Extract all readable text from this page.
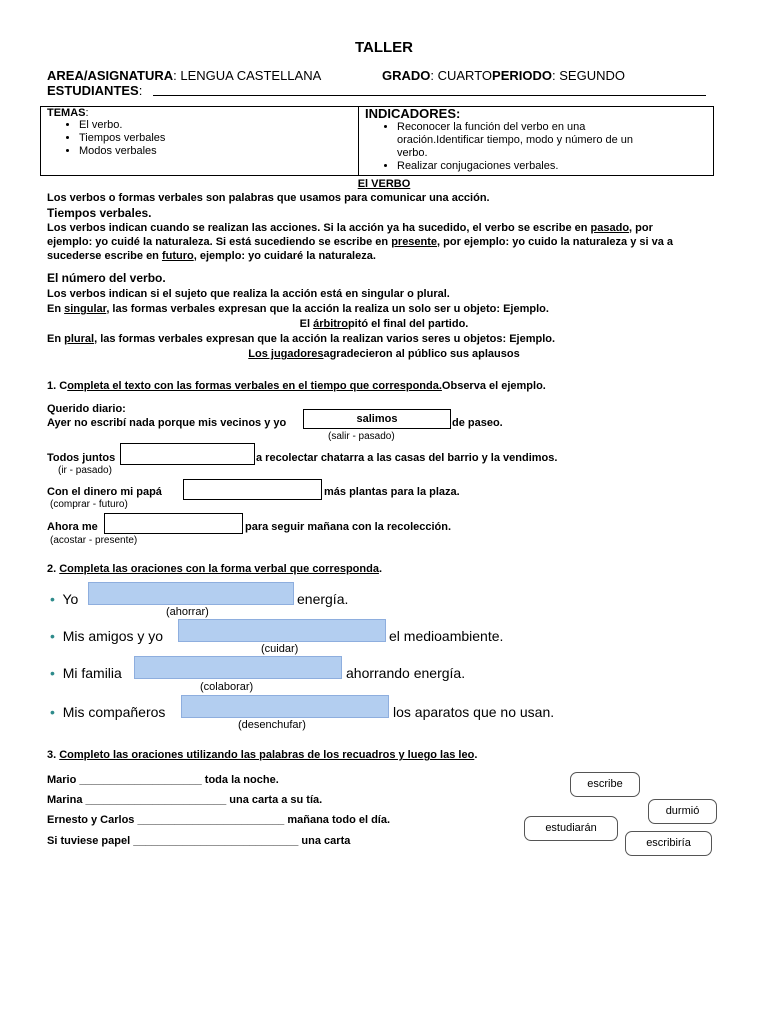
TALLER
AREA/ASIGNATURA: LENGUA CASTELLANA	GRADO: CUARTOPERIODO: SEGUNDO
ESTUDIANTES:
TEMAS:
• El verbo.
• Tiempos verbales
• Modos verbales

INDICADORES:
• Reconocer la función del verbo en una
oración.Identificar tiempo, modo y número de un
verbo.
• Realizar conjugaciones verbales.
El VERBO
Los verbos o formas verbales son palabras que usamos para comunicar una acción.
Tiempos verbales.
Los verbos indican cuando se realizan las acciones. Si la acción ya ha sucedido, el verbo se escribe en pasado, por
ejemplo: yo cuidé la naturaleza. Si está sucediendo se escribe en presente, por ejemplo: yo cuido la naturaleza y si va a
sucederse escribe en futuro, ejemplo: yo cuidaré la naturaleza.
El número del verbo.
Los verbos indican si el sujeto que realiza la acción está en singular o plural.
En singular, las formas verbales expresan que la acción la realiza un solo ser u objeto: Ejemplo.
El árbitropitó el final del partido.
En plural, las formas verbales expresan que la acción la realizan varios seres u objetos: Ejemplo.
Los jugadoresagradecieron al público sus aplausos
1. Completa el texto con las formas verbales en el tiempo que corresponda.Observa el ejemplo.
Querido diario:
Ayer no escribí nada porque mis vecinos y yo	salimos	de paseo.
(salir - pasado)
Todos juntos	a recolectar chatarra a las casas del barrio y la vendimos.
(ir - pasado)
Con el dinero mi papá	más plantas para la plaza.
(comprar - futuro)
Ahora me	para seguir mañana con la recolección.
(acostar - presente)
2. Completa las oraciones con la forma verbal que corresponda.
• Yo	energía.
(ahorrar)
• Mis amigos y yo	el medioambiente.
(cuidar)
• Mi familia	ahorrando energía.
(colaborar)
• Mis compañeros	los aparatos que no usan.
(desenchufar)
3. Completo las oraciones utilizando las palabras de los recuadros y luego las leo.
Mario ____________________ toda la noche.
Marina _______________________ una carta a su tía.
Ernesto y Carlos ________________________ mañana todo el día.
Si tuviese papel ___________________________ una carta
escribe
durmió
estudiarán
escribiría
